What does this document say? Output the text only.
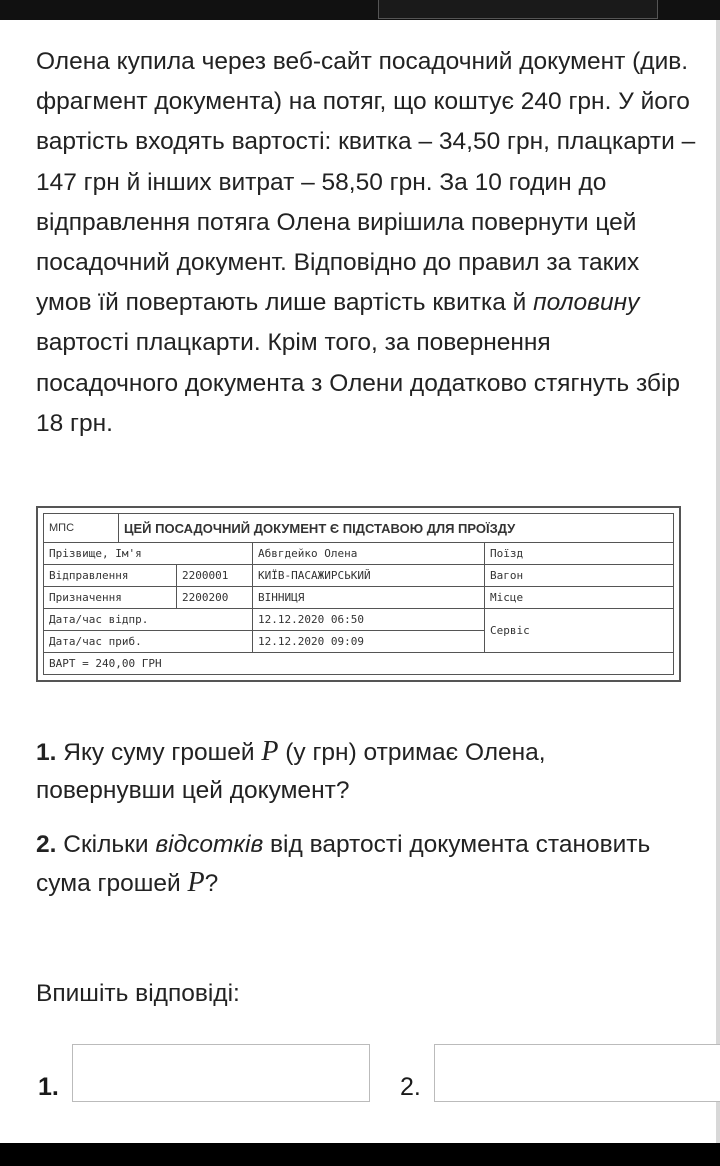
Олена купила через веб-сайт посадочний документ (див. фрагмент документа) на потяг, що коштує 240 грн. У його вартість входять вартості: квитка – 34,50 грн, плацкарти – 147 грн й інших витрат – 58,50 грн. За 10 годин до відправлення потяга Олена вирішила повернути цей посадочний документ. Відповідно до правил за таких умов їй повертають лише вартість квитка й половину вартості плацкарти. Крім того, за повернення посадочного документа з Олени додатково стягнуть збір 18 грн.

МПС	ЦЕЙ ПОСАДОЧНИЙ ДОКУМЕНТ Є ПІДСТАВОЮ ДЛЯ ПРОЇЗДУ			
Прізвище, Ім'я			Абвгдейко Олена	Поїзд
Відправлення		2200001	КИЇВ-ПАСАЖИРСЬКИЙ	Вагон
Призначення		2200200	ВІННИЦЯ	Місце
Дата/час відпр.			12.12.2020 06:50	Сервіс
Дата/час приб.			12.12.2020 09:09	
ВАРТ = 240,00 ГРН				
1. Яку суму грошей P (у грн) отримає Олена, повернувши цей документ?
2. Скільки відсотків від вартості документа становить сума грошей P?
Впишіть відповіді:
1.	2.
